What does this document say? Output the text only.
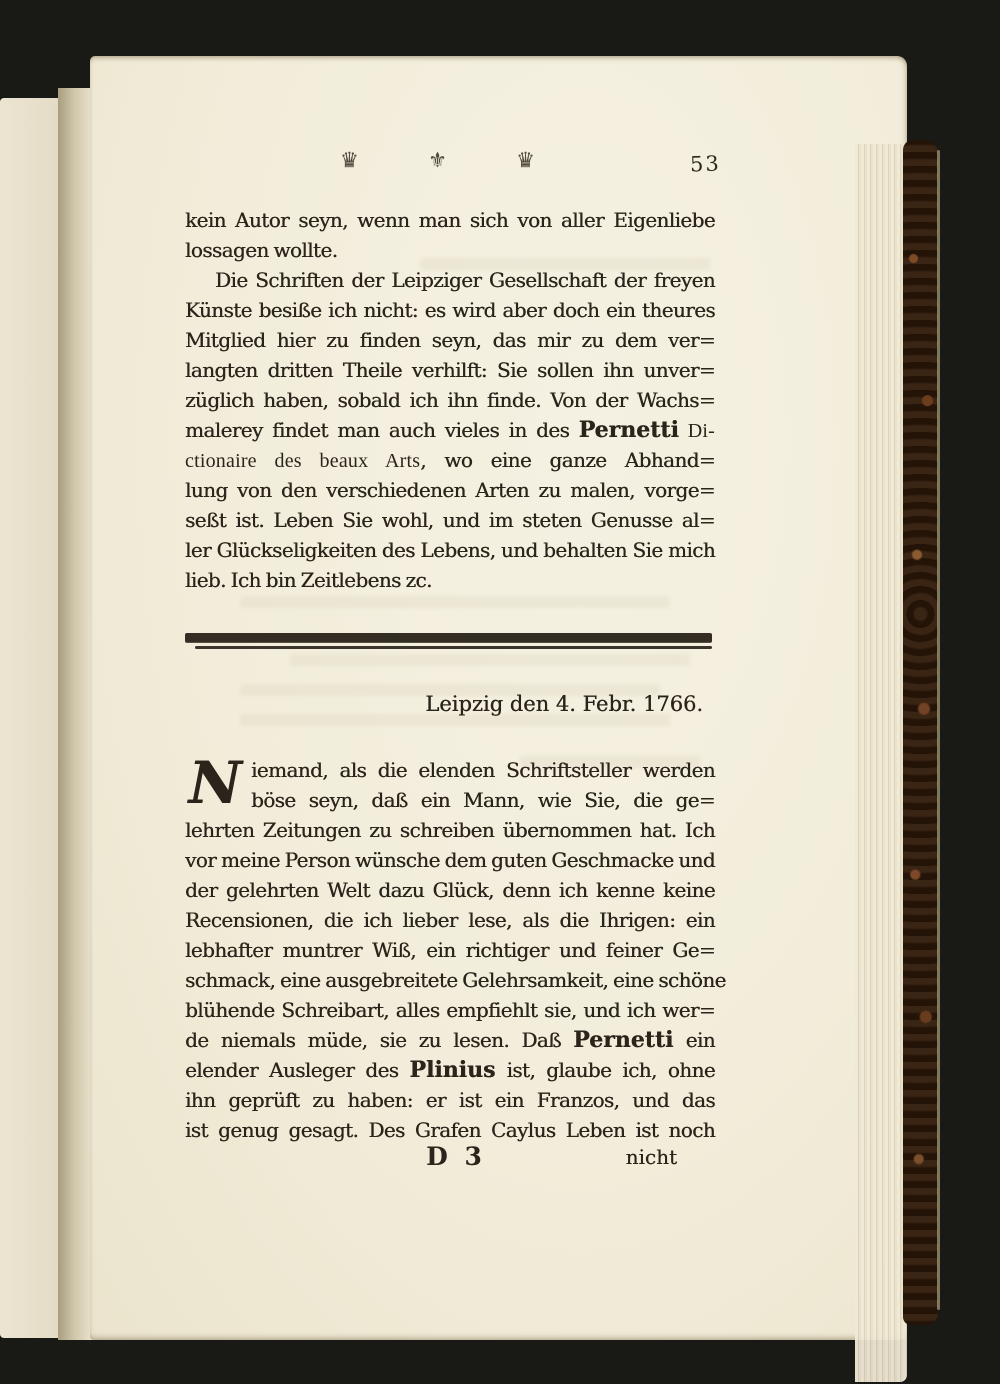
♛	⚜	♛	53
kein Autor seyn, wenn man sich von aller Eigenliebe
lossagen wollte.
Die Schriften der Leipziger Gesellschaft der freyen
Künste besiße ich nicht: es wird aber doch ein theures
Mitglied hier zu finden seyn, das mir zu dem ver=
langten dritten Theile verhilft: Sie sollen ihn unver=
züglich haben, sobald ich ihn finde. Von der Wachs=
malerey findet man auch vieles in des Pernetti Di-
ctionaire des beaux Arts, wo eine ganze Abhand=
lung von den verschiedenen Arten zu malen, vorge=
seßt ist. Leben Sie wohl, und im steten Genusse al=
ler Glückseligkeiten des Lebens, und behalten Sie mich
lieb. Ich bin Zeitlebens zc.
Leipzig den 4. Febr. 1766.
N iemand, als die elenden Schriftsteller werden
böse seyn, daß ein Mann, wie Sie, die ge=
lehrten Zeitungen zu schreiben übernommen hat. Ich
vor meine Person wünsche dem guten Geschmacke und
der gelehrten Welt dazu Glück, denn ich kenne keine
Recensionen, die ich lieber lese, als die Ihrigen: ein
lebhafter muntrer Wiß, ein richtiger und feiner Ge=
schmack, eine ausgebreitete Gelehrsamkeit, eine schöne
blühende Schreibart, alles empfiehlt sie, und ich wer=
de niemals müde, sie zu lesen. Daß Pernetti ein
elender Ausleger des Plinius ist, glaube ich, ohne
ihn geprüft zu haben: er ist ein Franzos, und das
ist genug gesagt. Des Grafen Caylus Leben ist noch
D 3	nicht
